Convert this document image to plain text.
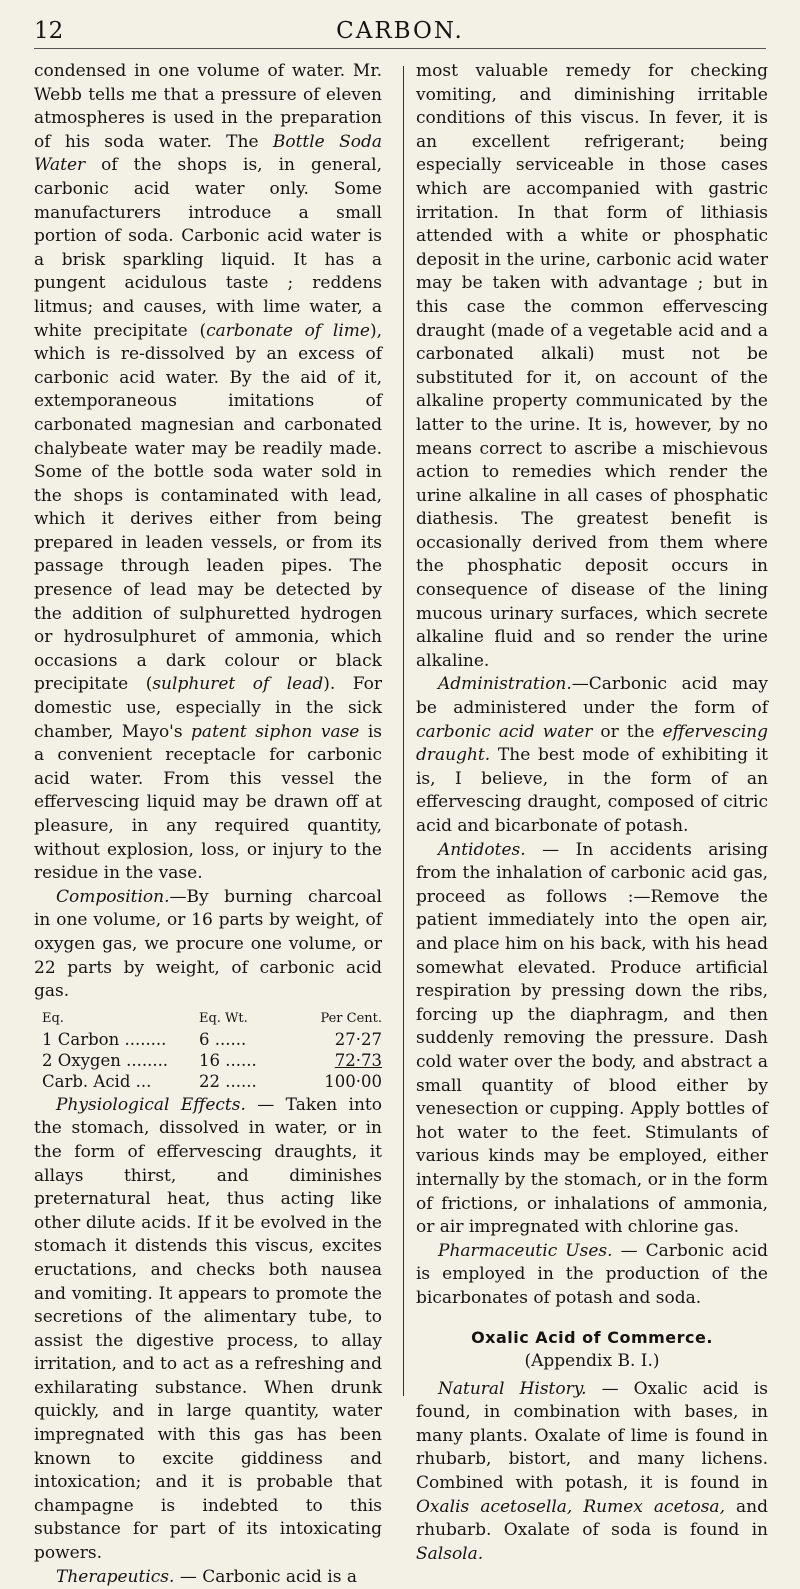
12	CARBON.

condensed in one volume of water. Mr. Webb tells me that a pressure of eleven atmospheres is used in the preparation of his soda water. The Bottle Soda Water of the shops is, in general, carbonic acid water only. Some manufacturers introduce a small portion of soda. Carbonic acid water is a brisk sparkling liquid. It has a pungent acidulous taste ; reddens litmus; and causes, with lime water, a white precipitate (carbonate of lime), which is re-dissolved by an excess of carbonic acid water. By the aid of it, extemporaneous imitations of carbonated magnesian and carbonated chalybeate water may be readily made. Some of the bottle soda water sold in the shops is contaminated with lead, which it derives either from being prepared in leaden vessels, or from its passage through leaden pipes. The presence of lead may be detected by the addition of sulphuretted hydrogen or hydrosulphuret of ammonia, which occasions a dark colour or black precipitate (sulphuret of lead). For domestic use, especially in the sick chamber, Mayo's patent siphon vase is a convenient receptacle for carbonic acid water. From this vessel the effervescing liquid may be drawn off at pleasure, in any required quantity, without explosion, loss, or injury to the residue in the vase.

Composition.—By burning charcoal in one volume, or 16 parts by weight, of oxygen gas, we procure one volume, or 22 parts by weight, of carbonic acid gas.

Eq.	Eq. Wt.	Per Cent.
1 Carbon ........	6 ......	27·27
2 Oxygen ........	16 ......	72·73
Carb. Acid ...	22 ......	100·00

Physiological Effects. — Taken into the stomach, dissolved in water, or in the form of effervescing draughts, it allays thirst, and diminishes preternatural heat, thus acting like other dilute acids. If it be evolved in the stomach it distends this viscus, excites eructations, and checks both nausea and vomiting. It appears to promote the secretions of the alimentary tube, to assist the digestive process, to allay irritation, and to act as a refreshing and exhilarating substance. When drunk quickly, and in large quantity, water impregnated with this gas has been known to excite giddiness and intoxication; and it is probable that champagne is indebted to this substance for part of its intoxicating powers.

Therapeutics. — Carbonic acid is a

most valuable remedy for checking vomiting, and diminishing irritable conditions of this viscus. In fever, it is an excellent refrigerant; being especially serviceable in those cases which are accompanied with gastric irritation. In that form of lithiasis attended with a white or phosphatic deposit in the urine, carbonic acid water may be taken with advantage ; but in this case the common effervescing draught (made of a vegetable acid and a carbonated alkali) must not be substituted for it, on account of the alkaline property communicated by the latter to the urine. It is, however, by no means correct to ascribe a mischievous action to remedies which render the urine alkaline in all cases of phosphatic diathesis. The greatest benefit is occasionally derived from them where the phosphatic deposit occurs in consequence of disease of the lining mucous urinary surfaces, which secrete alkaline fluid and so render the urine alkaline.

Administration.—Carbonic acid may be administered under the form of carbonic acid water or the effervescing draught. The best mode of exhibiting it is, I believe, in the form of an effervescing draught, composed of citric acid and bicarbonate of potash.

Antidotes. — In accidents arising from the inhalation of carbonic acid gas, proceed as follows :—Remove the patient immediately into the open air, and place him on his back, with his head somewhat elevated. Produce artificial respiration by pressing down the ribs, forcing up the diaphragm, and then suddenly removing the pressure. Dash cold water over the body, and abstract a small quantity of blood either by venesection or cupping. Apply bottles of hot water to the feet. Stimulants of various kinds may be employed, either internally by the stomach, or in the form of frictions, or inhalations of ammonia, or air impregnated with chlorine gas.

Pharmaceutic Uses. — Carbonic acid is employed in the production of the bicarbonates of potash and soda.

Oxalic Acid of Commerce.
(Appendix B. I.)

Natural History. — Oxalic acid is found, in combination with bases, in many plants. Oxalate of lime is found in rhubarb, bistort, and many lichens. Combined with potash, it is found in Oxalis acetosella, Rumex acetosa, and rhubarb. Oxalate of soda is found in Salsola.
